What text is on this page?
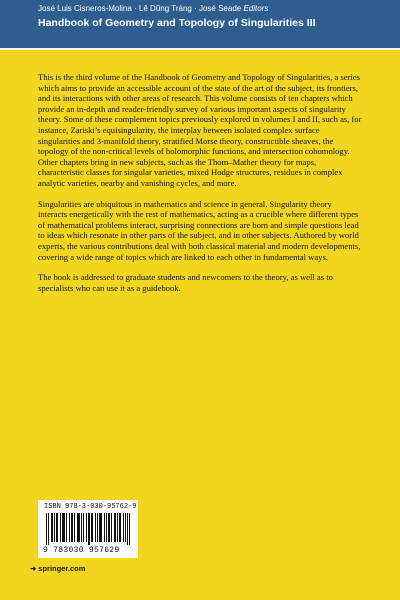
José Luis Cisneros-Molina · Lê Dũng Tráng · José Seade Editors
Handbook of Geometry and Topology of Singularities III

This is the third volume of the Handbook of Geometry and Topology of Singularities, a series which aims to provide an accessible account of the state of the art of the subject, its frontiers, and its interactions with other areas of research. This volume consists of ten chapters which provide an in-depth and reader-friendly survey of various important aspects of singularity theory. Some of these complement topics previously explored in volumes I and II, such as, for instance, Zariski’s equisingularity, the interplay between isolated complex surface singularities and 3-manifold theory, stratified Morse theory, constructible sheaves, the topology of the non-critical levels of holomorphic functions, and intersection cohomology. Other chapters bring in new subjects, such as the Thom–Mather theory for maps, characteristic classes for singular varieties, mixed Hodge structures, residues in complex analytic varieties, nearby and vanishing cycles, and more.

Singularities are ubiquitous in mathematics and science in general. Singularity theory interacts energetically with the rest of mathematics, acting as a crucible where different types of mathematical problems interact, surprising connections are born and simple questions lead to ideas which resonate in other parts of the subject, and in other subjects. Authored by world experts, the various contributions deal with both classical material and modern developments, covering a wide range of topics which are linked to each other in fundamental ways.

The book is addressed to graduate students and newcomers to the theory, as well as to specialists who can use it as a guidebook.

ISBN 978-3-030-95762-9
9 783030 957629
➜ springer.com
